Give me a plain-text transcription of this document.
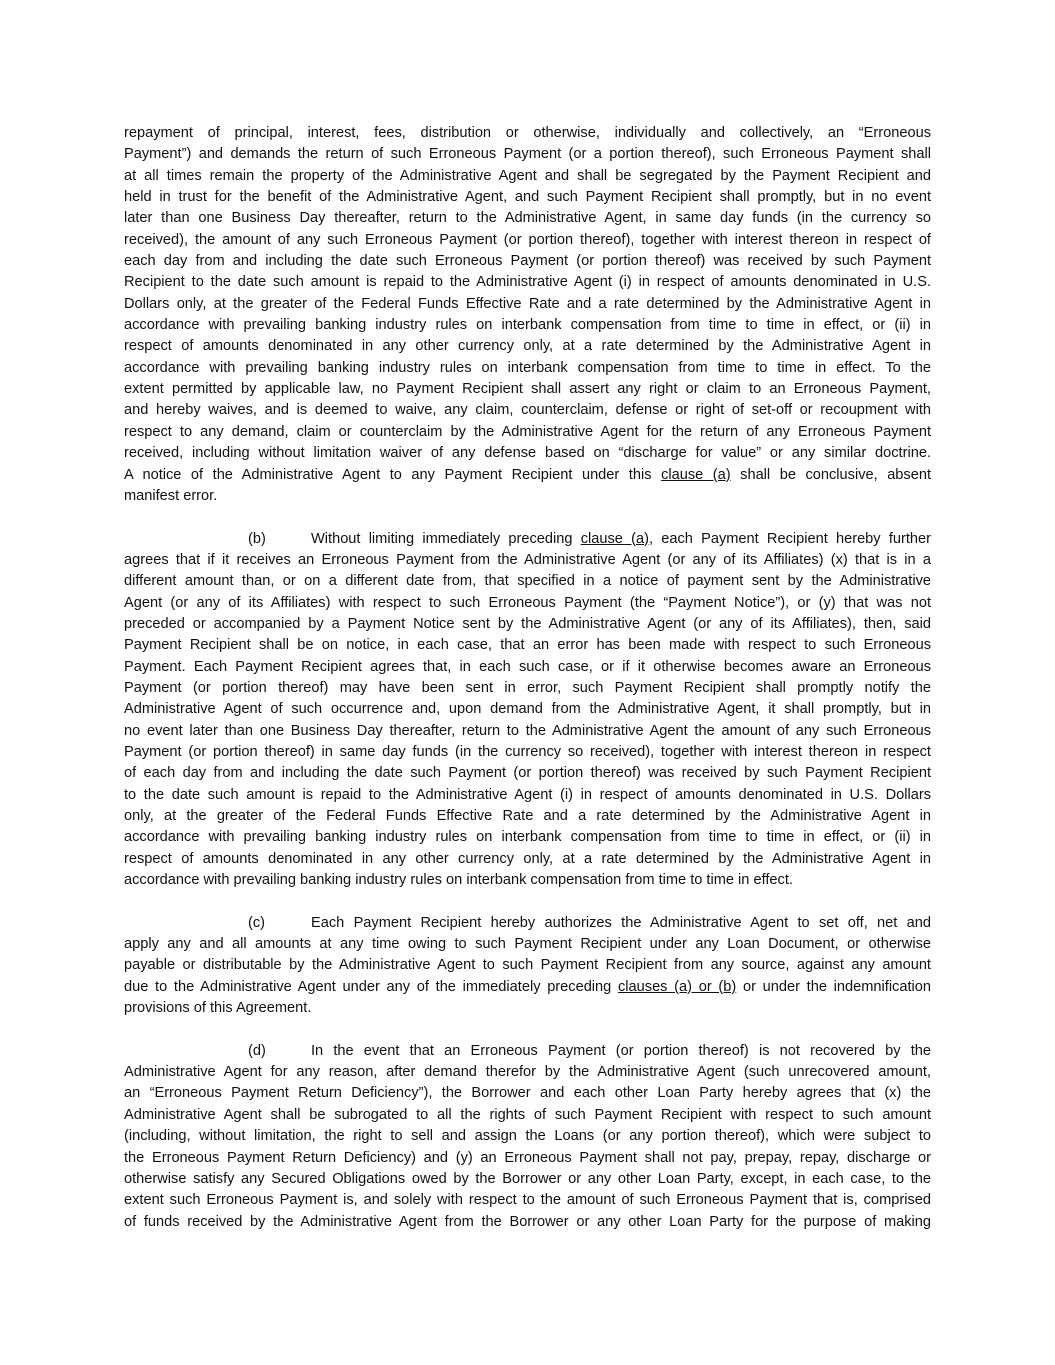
repayment of principal, interest, fees, distribution or otherwise, individually and collectively, an “Erroneous
Payment”) and demands the return of such Erroneous Payment (or a portion thereof), such Erroneous Payment shall
at all times remain the property of the Administrative Agent and shall be segregated by the Payment Recipient and
held in trust for the benefit of the Administrative Agent, and such Payment Recipient shall promptly, but in no event
later than one Business Day thereafter, return to the Administrative Agent, in same day funds (in the currency so
received), the amount of any such Erroneous Payment (or portion thereof), together with interest thereon in respect of
each day from and including the date such Erroneous Payment (or portion thereof) was received by such Payment
Recipient to the date such amount is repaid to the Administrative Agent (i) in respect of amounts denominated in U.S.
Dollars only, at the greater of the Federal Funds Effective Rate and a rate determined by the Administrative Agent in
accordance with prevailing banking industry rules on interbank compensation from time to time in effect, or (ii) in
respect of amounts denominated in any other currency only, at a rate determined by the Administrative Agent in
accordance with prevailing banking industry rules on interbank compensation from time to time in effect. To the
extent permitted by applicable law, no Payment Recipient shall assert any right or claim to an Erroneous Payment,
and hereby waives, and is deemed to waive, any claim, counterclaim, defense or right of set-off or recoupment with
respect to any demand, claim or counterclaim by the Administrative Agent for the return of any Erroneous Payment
received, including without limitation waiver of any defense based on “discharge for value” or any similar doctrine.
A notice of the Administrative Agent to any Payment Recipient under this clause (a) shall be conclusive, absent
manifest error.
(b)	Without limiting immediately preceding clause (a), each Payment Recipient hereby further
agrees that if it receives an Erroneous Payment from the Administrative Agent (or any of its Affiliates) (x) that is in a
different amount than, or on a different date from, that specified in a notice of payment sent by the Administrative
Agent (or any of its Affiliates) with respect to such Erroneous Payment (the “Payment Notice”), or (y) that was not
preceded or accompanied by a Payment Notice sent by the Administrative Agent (or any of its Affiliates), then, said
Payment Recipient shall be on notice, in each case, that an error has been made with respect to such Erroneous
Payment. Each Payment Recipient agrees that, in each such case, or if it otherwise becomes aware an Erroneous
Payment (or portion thereof) may have been sent in error, such Payment Recipient shall promptly notify the
Administrative Agent of such occurrence and, upon demand from the Administrative Agent, it shall promptly, but in
no event later than one Business Day thereafter, return to the Administrative Agent the amount of any such Erroneous
Payment (or portion thereof) in same day funds (in the currency so received), together with interest thereon in respect
of each day from and including the date such Payment (or portion thereof) was received by such Payment Recipient
to the date such amount is repaid to the Administrative Agent (i) in respect of amounts denominated in U.S. Dollars
only, at the greater of the Federal Funds Effective Rate and a rate determined by the Administrative Agent in
accordance with prevailing banking industry rules on interbank compensation from time to time in effect, or (ii) in
respect of amounts denominated in any other currency only, at a rate determined by the Administrative Agent in
accordance with prevailing banking industry rules on interbank compensation from time to time in effect.
(c)	Each Payment Recipient hereby authorizes the Administrative Agent to set off, net and
apply any and all amounts at any time owing to such Payment Recipient under any Loan Document, or otherwise
payable or distributable by the Administrative Agent to such Payment Recipient from any source, against any amount
due to the Administrative Agent under any of the immediately preceding clauses (a) or (b) or under the indemnification
provisions of this Agreement.
(d)	In the event that an Erroneous Payment (or portion thereof) is not recovered by the
Administrative Agent for any reason, after demand therefor by the Administrative Agent (such unrecovered amount,
an “Erroneous Payment Return Deficiency”), the Borrower and each other Loan Party hereby agrees that (x) the
Administrative Agent shall be subrogated to all the rights of such Payment Recipient with respect to such amount
(including, without limitation, the right to sell and assign the Loans (or any portion thereof), which were subject to
the Erroneous Payment Return Deficiency) and (y) an Erroneous Payment shall not pay, prepay, repay, discharge or
otherwise satisfy any Secured Obligations owed by the Borrower or any other Loan Party, except, in each case, to the
extent such Erroneous Payment is, and solely with respect to the amount of such Erroneous Payment that is, comprised
of funds received by the Administrative Agent from the Borrower or any other Loan Party for the purpose of making
